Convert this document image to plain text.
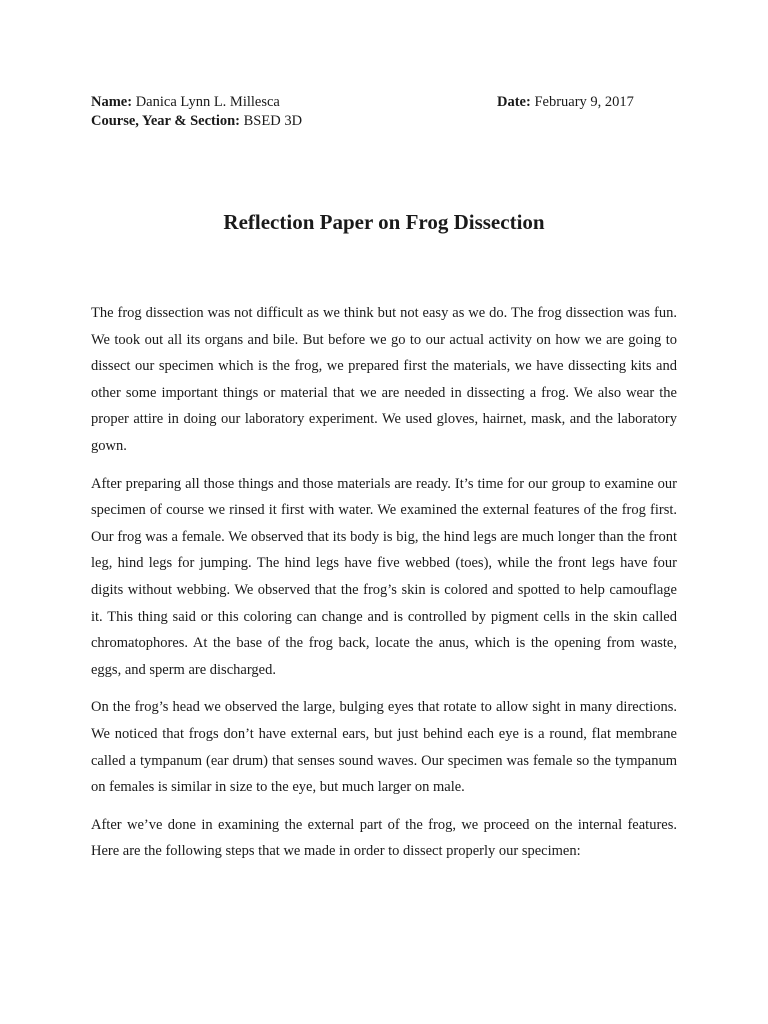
Name: Danica Lynn L. Millesca	Date: February 9, 2017
Course, Year & Section: BSED 3D
Reflection Paper on Frog Dissection

The frog dissection was not difficult as we think but not easy as we do. The frog dissection was fun. We took out all its organs and bile. But before we go to our actual activity on how we are going to dissect our specimen which is the frog, we prepared first the materials, we have dissecting kits and other some important things or material that we are needed in dissecting a frog. We also wear the proper attire in doing our laboratory experiment. We used gloves, hairnet, mask, and the laboratory gown.

After preparing all those things and those materials are ready. It’s time for our group to examine our specimen of course we rinsed it first with water. We examined the external features of the frog first. Our frog was a female. We observed that its body is big, the hind legs are much longer than the front leg, hind legs for jumping. The hind legs have five webbed (toes), while the front legs have four digits without webbing. We observed that the frog’s skin is colored and spotted to help camouflage it. This thing said or this coloring can change and is controlled by pigment cells in the skin called chromatophores. At the base of the frog back, locate the anus, which is the opening from waste, eggs, and sperm are discharged.

On the frog’s head we observed the large, bulging eyes that rotate to allow sight in many directions. We noticed that frogs don’t have external ears, but just behind each eye is a round, flat membrane called a tympanum (ear drum) that senses sound waves. Our specimen was female so the tympanum on females is similar in size to the eye, but much larger on male.

After we’ve done in examining the external part of the frog, we proceed on the internal features. Here are the following steps that we made in order to dissect properly our specimen:
